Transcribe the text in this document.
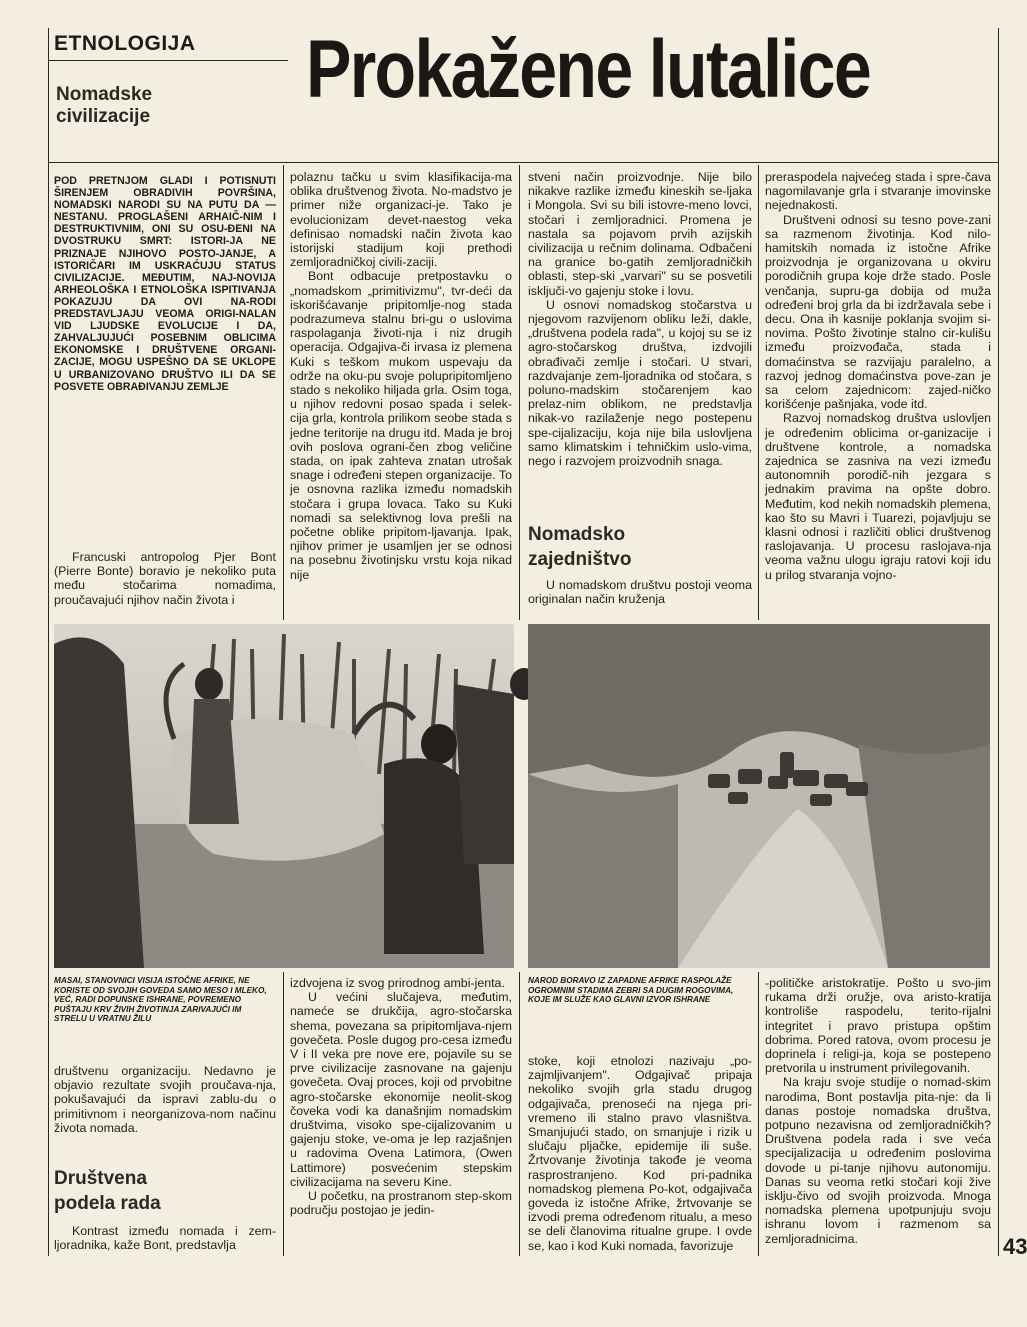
ETNOLOGIJA
Nomadske
civilizacije
Prokažene lutalice
POD PRETNJOM GLADI I POTISNUTI ŠIRENJEM OBRADIVIH POVRŠINA, NOMADSKI NARODI SU NA PUTU DA — NESTANU. PROGLAŠENI ARHAIČ-NIM I DESTRUKTIVNIM, ONI SU OSU-ĐENI NA DVOSTRUKU SMRT: ISTORI-JA NE PRIZNAJE NJIHOVO POSTO-JANJE, A ISTORIČARI IM USKRAĆUJU STATUS CIVILIZACIJE. MEĐUTIM, NAJ-NOVIJA ARHEOLOŠKA I ETNOLOŠKA ISPITIVANJA POKAZUJU DA OVI NA-RODI PREDSTAVLJAJU VEOMA ORIGI-NALAN VID LJUDSKE EVOLUCIJE I DA, ZAHVALJUJUĆI POSEBNIM OBLICIMA EKONOMSKE I DRUŠTVENE ORGANI-ZACIJE, MOGU USPEŠNO DA SE UKLOPE U URBANIZOVANO DRUŠTVO ILI DA SE POSVETE OBRAĐIVANJU ZEMLJE

Francuski antropolog Pjer Bont (Pierre Bonte) boravio je nekoliko puta među stočarima nomadima, proučavajući njihov način života i

polaznu tačku u svim klasifikacija-ma oblika društvenog života. No-madstvo je primer niže organizaci-je. Tako je evolucionizam devet-naestog veka definisao nomadski način života kao istorijski stadijum koji prethodi zemljoradničkoj civili-zaciji.

Bont odbacuje pretpostavku o „nomadskom „primitivizmu", tvr-deći da iskorišćavanje pripitomlje-nog stada podrazumeva stalnu bri-gu o uslovima raspolaganja životi-nja i niz drugih operacija. Odgajiva-či irvasa iz plemena Kuki s teškom mukom uspevaju da održe na oku-pu svoje polupripitomljeno stado s nekoliko hiljada grla. Osim toga, u njihov redovni posao spada i selek-cija grla, kontrola prilikom seobe stada s jedne teritorije na drugu itd. Mada je broj ovih poslova ograni-čen zbog veličine stada, on ipak zahteva znatan utrošak snage i određeni stepen organizacije. To je osnovna razlika između nomadskih stočara i grupa lovaca. Tako su Kuki nomadi sa selektivnog lova prešli na početne oblike pripitom-ljavanja. Ipak, njihov primer je usamljen jer se odnosi na posebnu životinjsku vrstu koja nikad nije

stveni način proizvodnje. Nije bilo nikakve razlike između kineskih se-ljaka i Mongola. Svi su bili istovre-meno lovci, stočari i zemljoradnici. Promena je nastala sa pojavom prvih azijskih civilizacija u rečnim dolinama. Odbačeni na granice bo-gatih zemljoradničkih oblasti, step-ski „varvari" su se posvetili isključi-vo gajenju stoke i lovu.

U osnovi nomadskog stočarstva u njegovom razvijenom obliku leži, dakle, „društvena podela rada", u kojoj su se iz agro-stočarskog društva, izdvojili obrađivači zemlje i stočari. U stvari, razdvajanje zem-ljoradnika od stočara, s poluno-madskim stočarenjem kao prelaz-nim oblikom, ne predstavlja nikak-vo razilaženje nego postepenu spe-cijalizaciju, koja nije bila uslovljena samo klimatskim i tehničkim uslo-vima, nego i razvojem proizvodnih snaga.

Nomadsko
zajedništvo

U nomadskom društvu postoji veoma originalan način kruženja

preraspodela najvećeg stada i spre-čava nagomilavanje grla i stvaranje imovinske nejednakosti.

Društveni odnosi su tesno pove-zani sa razmenom životinja. Kod nilo-hamitskih nomada iz istočne Afrike proizvodnja je organizovana u okviru porodičnih grupa koje drže stado. Posle venčanja, supru-ga dobija od muža određeni broj grla da bi izdržavala sebe i decu. Ona ih kasnije poklanja svojim si-novima. Pošto životinje stalno cir-kulišu između proizvođača, stada i domaćinstva se razvijaju paralelno, a razvoj jednog domaćinstva pove-zan je sa celom zajednicom: zajed-ničko korišćenje pašnjaka, vode itd.

Razvoj nomadskog društva uslovljen je određenim oblicima or-ganizacije i društvene kontrole, a nomadska zajednica se zasniva na vezi između autonomnih porodič-nih jezgara s jednakim pravima na opšte dobro. Međutim, kod nekih nomadskih plemena, kao što su Mavri i Tuarezi, pojavljuju se klasni odnosi i različiti oblici društvenog raslojavanja. U procesu raslojava-nja veoma važnu ulogu igraju ratovi koji idu u prilog stvaranja vojno-

MASAI, STANOVNICI VISIJA ISTOČNE AFRIKE, NE KORISTE OD SVOJIH GOVEDA SAMO MESO I MLEKO, VEĆ, RADI DOPUNSKE ISHRANE, POVREMENO PUŠTAJU KRV ŽIVIH ŽIVOTINJA ZARIVAJUĆI IM STRELU U VRATNU ŽILU
NAROD BORAVO IZ ZAPADNE AFRIKE RASPOLAŽE OGROMNIM STADIMA ZEBRI SA DUGIM ROGOVIMA, KOJE IM SLUŽE KAO GLAVNI IZVOR ISHRANE

društvenu organizaciju. Nedavno je objavio rezultate svojih proučava-nja, pokušavajući da ispravi zablu-du o primitivnom i neorganizova-nom načinu života nomada.

Društvena
podela rada

Kontrast između nomada i zem-ljoradnika, kaže Bont, predstavlja

izdvojena iz svog prirodnog ambi-jenta.

U većini slučajeva, međutim, nameće se drukčija, agro-stočarska shema, povezana sa pripitomljava-njem govečeta. Posle dugog pro-cesa između V i II veka pre nove ere, pojavile su se prve civilizacije zasnovane na gajenju govečeta. Ovaj proces, koji od prvobitne agro-stočarske ekonomije neolit-skog čoveka vodi ka današnjim nomadskim društvima, visoko spe-cijalizovanim u gajenju stoke, ve-oma je lep razjašnjen u radovima Ovena Latimora, (Owen Lattimore) posvećenim stepskim civilizacijama na severu Kine.

U početku, na prostranom step-skom području postojao je jedin-

stoke, koji etnolozi nazivaju „po-zajmljivanjem". Odgajivač pripaja nekoliko svojih grla stadu drugog odgajivača, prenoseći na njega pri-vremeno ili stalno pravo vlasništva. Smanjujući stado, on smanjuje i rizik u slučaju pljačke, epidemije ili suše. Žrtvovanje životinja takođe je veoma rasprostranjeno. Kod pri-padnika nomadskog plemena Po-kot, odgajivača goveda iz istočne Afrike, žrtvovanje se izvodi prema određenom ritualu, a meso se deli članovima ritualne grupe. I ovde se, kao i kod Kuki nomada, favorizuje

-političke aristokratije. Pošto u svo-jim rukama drži oružje, ova aristo-kratija kontroliše raspodelu, terito-rijalni integritet i pravo pristupa opštim dobrima. Pored ratova, ovom procesu je doprinela i religi-ja, koja se postepeno pretvorila u instrument privilegovanih.

Na kraju svoje studije o nomad-skim narodima, Bont postavlja pita-nje: da li danas postoje nomadska društva, potpuno nezavisna od zemljoradničkih? Društvena podela rada i sve veća specijalizacija u određenim poslovima dovode u pi-tanje njihovu autonomiju. Danas su veoma retki stočari koji žive isklju-čivo od svojih proizvoda. Mnoga nomadska plemena upotpunjuju svoju ishranu lovom i razmenom sa zemljoradnicima.	43
